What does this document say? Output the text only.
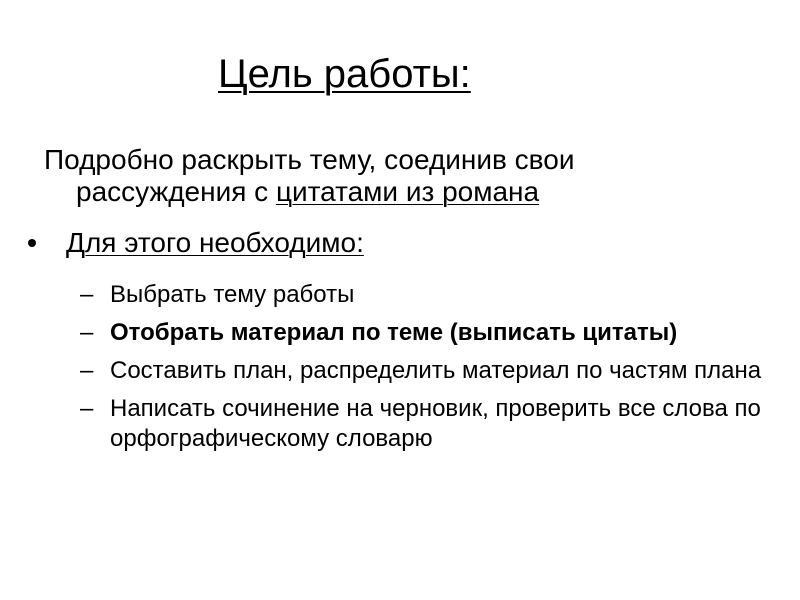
Цель работы:
Подробно раскрыть тему, соединив свои рассуждения с цитатами из романа
Для этого необходимо:
– Выбрать тему работы
– Отобрать материал по теме (выписать цитаты)
– Составить план, распределить материал по частям плана
– Написать сочинение на черновик, проверить все слова по орфографическому словарю
